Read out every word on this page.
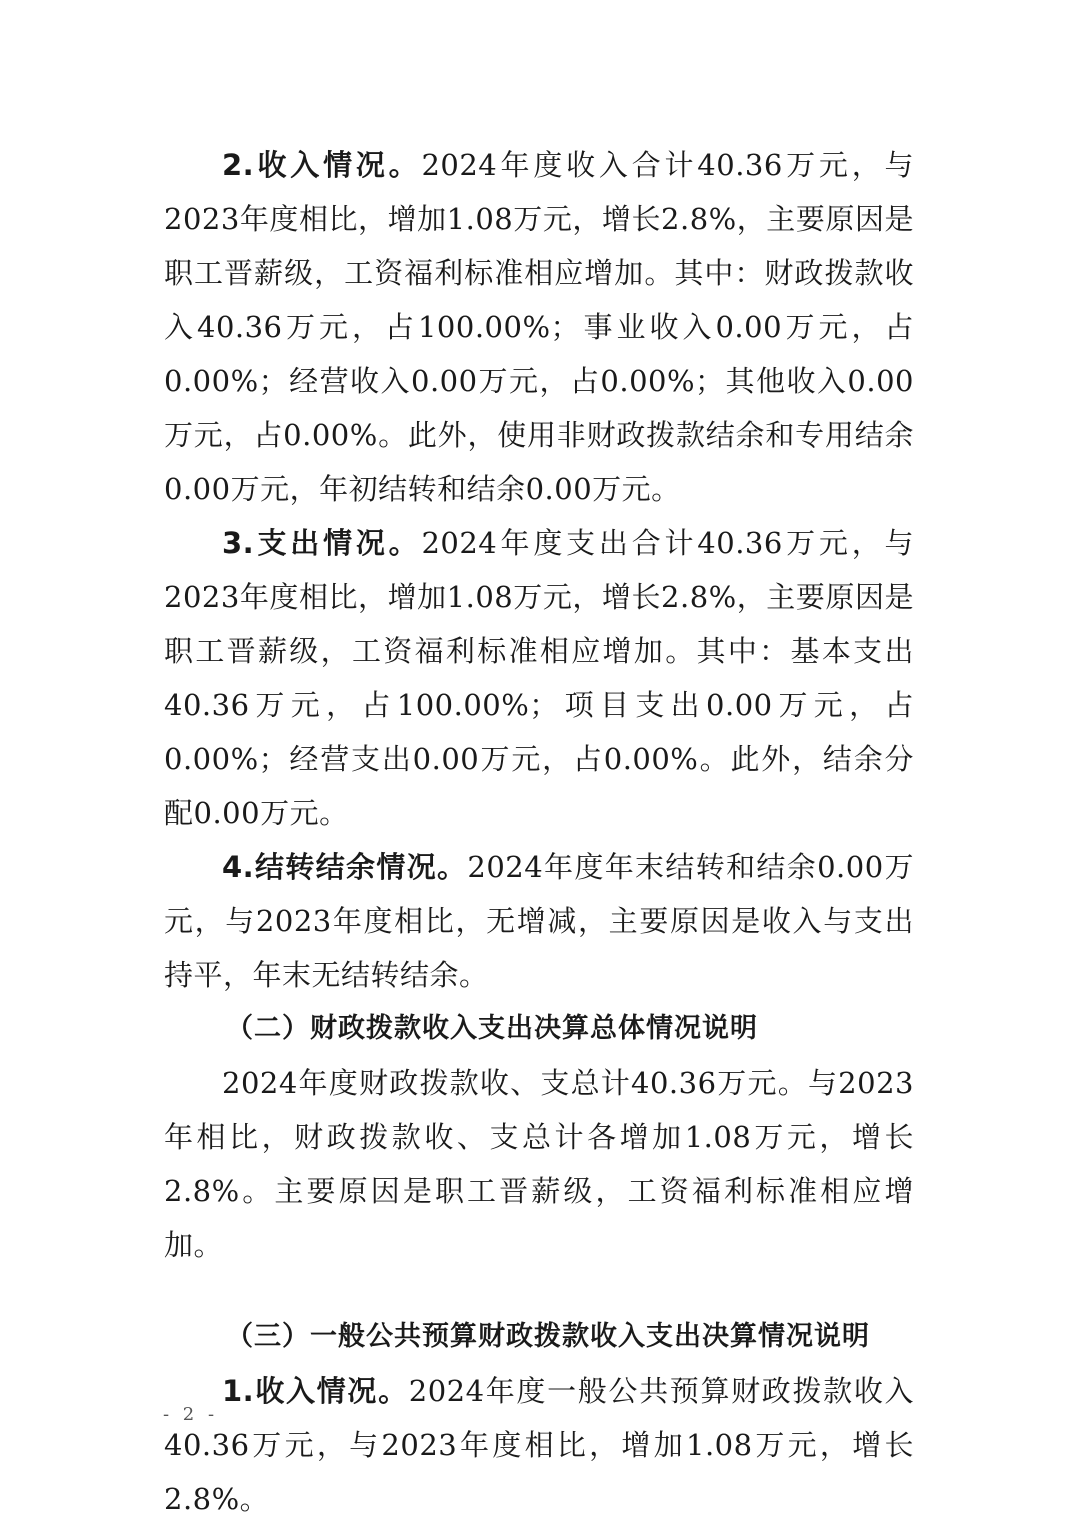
2.收入情况。2024年度收入合计40.36万元，与2023年度相比，增加1.08万元，增长2.8%，主要原因是职工晋薪级，工资福利标准相应增加。其中：财政拨款收入40.36万元，占100.00%；事业收入0.00万元，占0.00%；经营收入0.00万元，占0.00%；其他收入0.00万元，占0.00%。此外，使用非财政拨款结余和专用结余0.00万元，年初结转和结余0.00万元。

3.支出情况。2024年度支出合计40.36万元，与2023年度相比，增加1.08万元，增长2.8%，主要原因是职工晋薪级，工资福利标准相应增加。其中：基本支出40.36万元，占100.00%；项目支出0.00万元，占0.00%；经营支出0.00万元，占0.00%。此外，结余分配0.00万元。

4.结转结余情况。2024年度年末结转和结余0.00万元，与2023年度相比，无增减，主要原因是收入与支出持平，年末无结转结余。

（二）财政拨款收入支出决算总体情况说明

2024年度财政拨款收、支总计40.36万元。与2023年相比，财政拨款收、支总计各增加1.08万元，增长2.8%。主要原因是职工晋薪级，工资福利标准相应增加。

（三）一般公共预算财政拨款收入支出决算情况说明

1.收入情况。2024年度一般公共预算财政拨款收入40.36万元，与2023年度相比，增加1.08万元，增长2.8%。

- 2 -
